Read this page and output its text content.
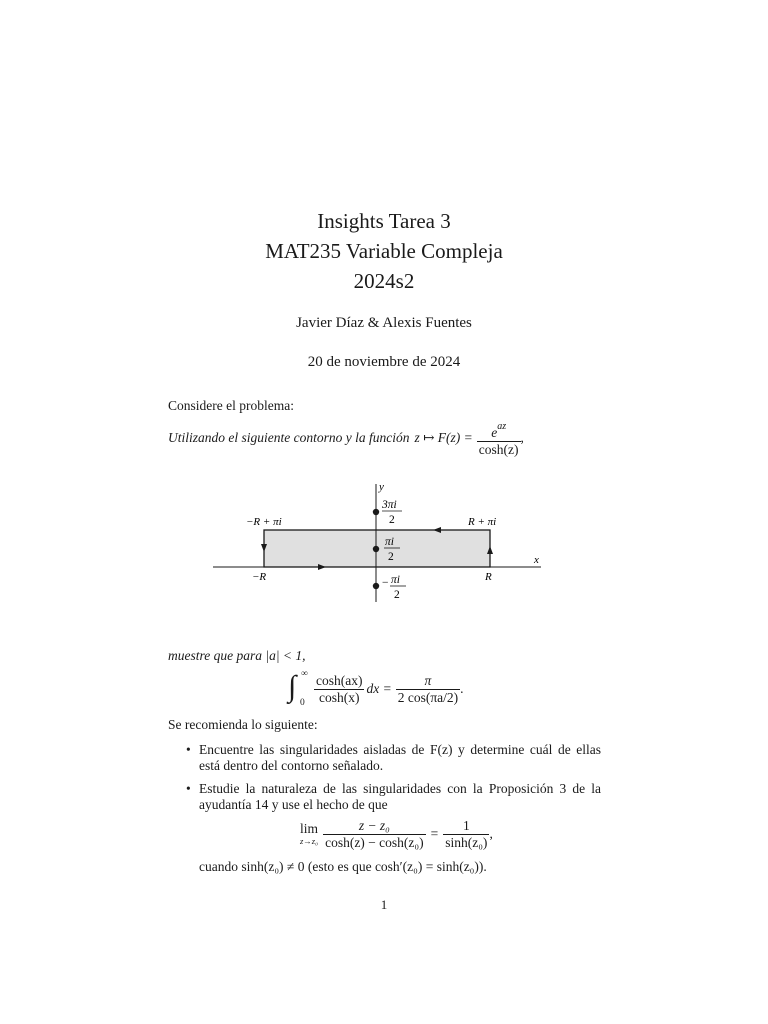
Insights Tarea 3
MAT235 Variable Compleja
2024s2
Javier Díaz & Alexis Fuentes
20 de noviembre de 2024
Considere el problema:
Utilizando el siguiente contorno y la función z ↦ $F(z) = \frac{e^{az}}{\cosh(z)}$ ,
y
x
−R + πi	R + πi
−R	R
3πi
2
πi
2
− πi
2
muestre que para |a| < 1,
∫ ∞
$0 \frac{\cosh(ax)}{\cosh(x)}$ dx = $\frac{\pi}{2 \cos(\pi a/2)}$ .
Se recomienda lo siguiente:
• Encuentre las singularidades aisladas de F(z) y determine cuál de ellas
está dentro del contorno señalado.
• Estudie la naturaleza de las singularidades con la Proposición 3 de la
ayudantía 14 y use el hecho de que
lim
$z\to z_0 \frac{\text{z − z₀}}{\text{cosh(z) − cosh(z₀)}} = \frac{1}{\text{sinh(z₀)}}$ ,
cuando sinh(z₀) ≠ 0 (esto es que cosh′(z₀) = sinh(z₀)).
1
